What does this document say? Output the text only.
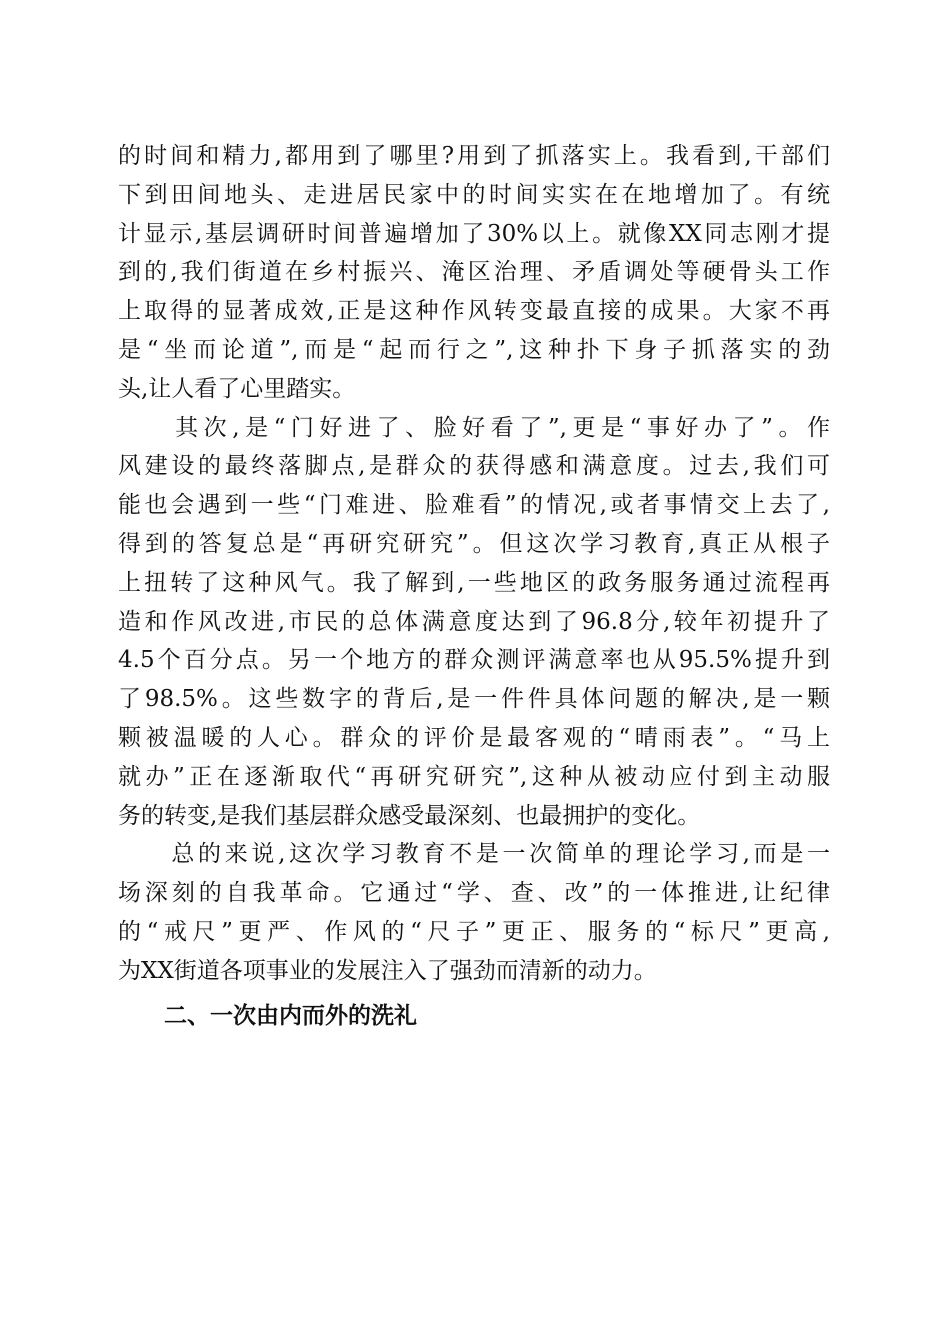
的时间和精力,都用到了哪里?用到了抓落实上。我看到,干部们
下到田间地头、走进居民家中的时间实实在在地增加了。有统
计显示,基层调研时间普遍增加了30%以上。就像XX同志刚才提
到的,我们街道在乡村振兴、淹区治理、矛盾调处等硬骨头工作
上取得的显著成效,正是这种作风转变最直接的成果。大家不再
是“坐而论道”,而是“起而行之”,这种扑下身子抓落实的劲
头,让人看了心里踏实。
　　其次,是“门好进了、脸好看了”,更是“事好办了”。作
风建设的最终落脚点,是群众的获得感和满意度。过去,我们可
能也会遇到一些“门难进、脸难看”的情况,或者事情交上去了,
得到的答复总是“再研究研究”。但这次学习教育,真正从根子
上扭转了这种风气。我了解到,一些地区的政务服务通过流程再
造和作风改进,市民的总体满意度达到了96.8分,较年初提升了
4.5个百分点。另一个地方的群众测评满意率也从95.5%提升到
了98.5%。这些数字的背后,是一件件具体问题的解决,是一颗
颗被温暖的人心。群众的评价是最客观的“晴雨表”。“马上
就办”正在逐渐取代“再研究研究”,这种从被动应付到主动服
务的转变,是我们基层群众感受最深刻、也最拥护的变化。
　　总的来说,这次学习教育不是一次简单的理论学习,而是一
场深刻的自我革命。它通过“学、查、改”的一体推进,让纪律
的“戒尺”更严、作风的“尺子”更正、服务的“标尺”更高,
为XX街道各项事业的发展注入了强劲而清新的动力。
二、一次由内而外的洗礼
